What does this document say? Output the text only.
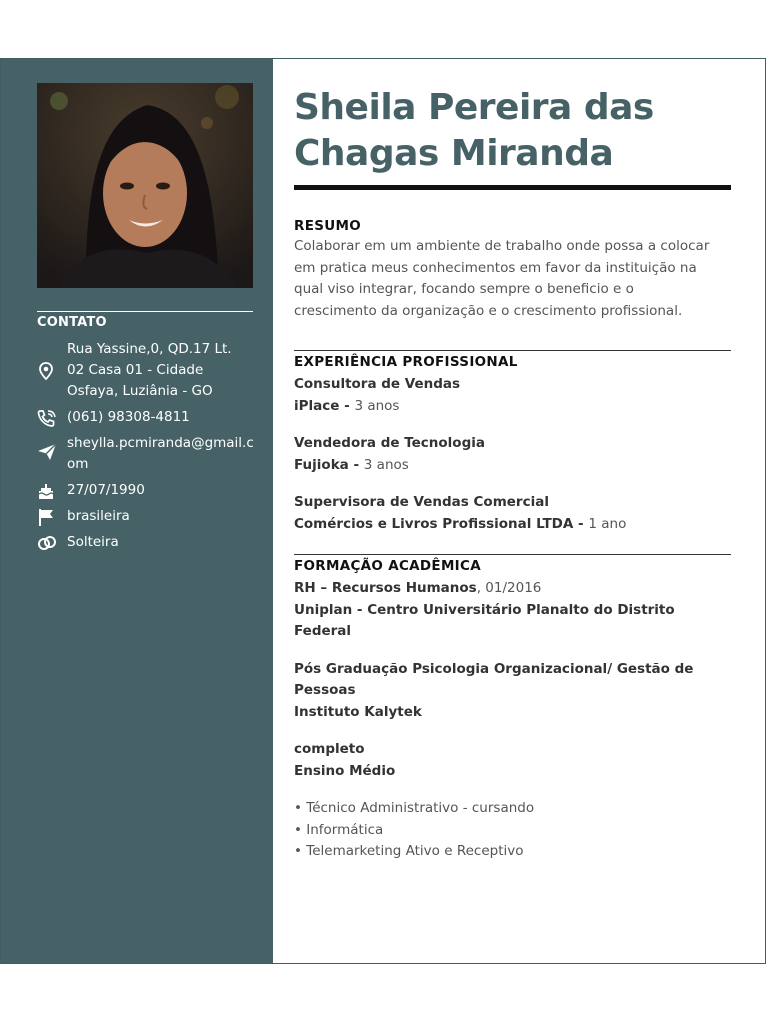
CONTATO
Rua Yassine,0, QD.17 Lt.
02 Casa 01 - Cidade
Osfaya, Luziânia - GO
(061) 98308-4811
sheylla.pcmiranda@gmail.com
27/07/1990
brasileira
Solteira
Sheila Pereira das
Chagas Miranda
RESUMO

Colaborar em um ambiente de trabalho onde possa a colocar em pratica meus conhecimentos em favor da instituição na qual viso integrar, focando sempre o beneficio e o crescimento da organização e o crescimento profissional.

EXPERIÊNCIA PROFISSIONAL

Consultora de Vendas

iPlace - 3 anos

Vendedora de Tecnologia

Fujioka - 3 anos

Supervisora de Vendas Comercial

Comércios e Livros Profissional LTDA - 1 ano

FORMAÇÃO ACADÊMICA

RH – Recursos Humanos, 01/2016

Uniplan - Centro Universitário Planalto do Distrito Federal

Pós Graduação Psicologia Organizacional/ Gestão de Pessoas

Instituto Kalytek

completo

Ensino Médio

• Técnico Administrativo - cursando
• Informática
• Telemarketing Ativo e Receptivo
